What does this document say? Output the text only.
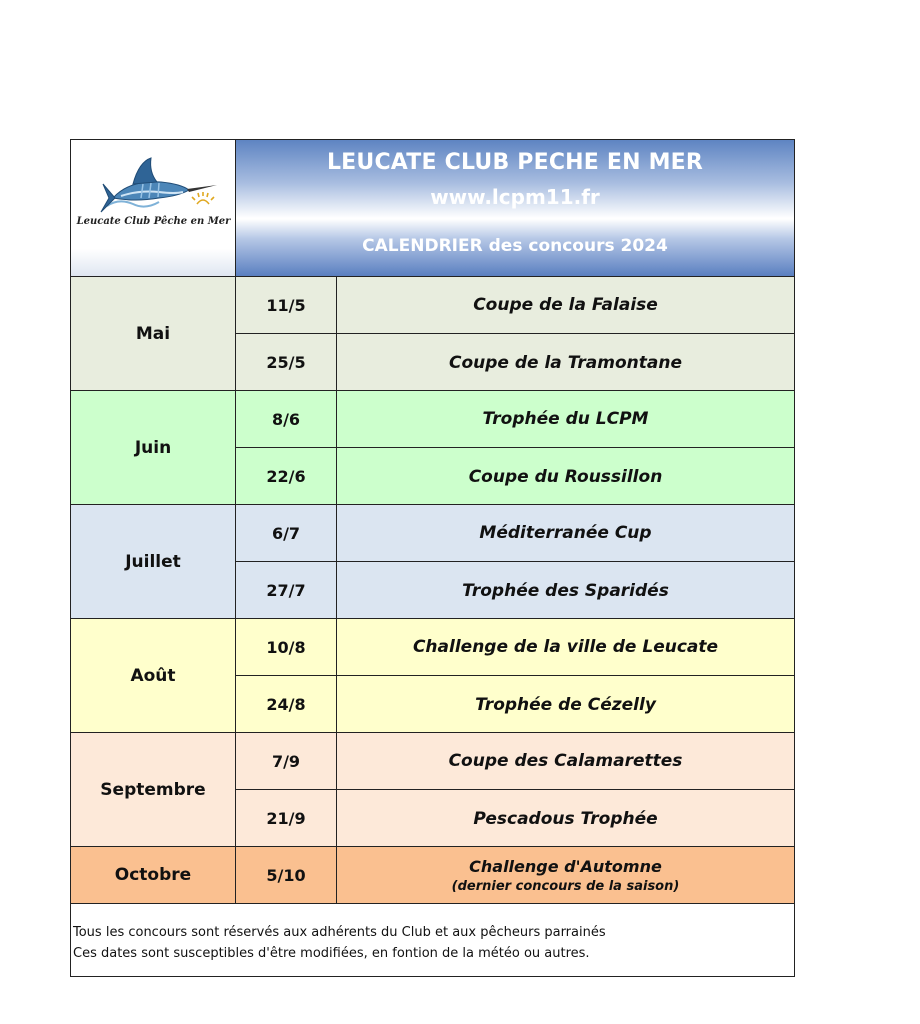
Leucate Club Pêche en Mer
LEUCATE CLUB PECHE EN MER
www.lcpm11.fr
CALENDRIER des concours 2024
Mai
11/5	Coupe de la Falaise
25/5	Coupe de la Tramontane
Juin
8/6	Trophée du LCPM
22/6	Coupe du Roussillon
Juillet
6/7	Méditerranée Cup
27/7	Trophée des Sparidés
Août
10/8	Challenge de la ville de Leucate
24/8	Trophée de Cézelly
Septembre
7/9	Coupe des Calamarettes
21/9	Pescadous Trophée
Octobre	5/10	Challenge d'Automne
(dernier concours de la saison)
Tous les concours sont réservés aux adhérents du Club et aux pêcheurs parrainés
Ces dates sont susceptibles d'être modifiées, en fontion de la météo ou autres.
